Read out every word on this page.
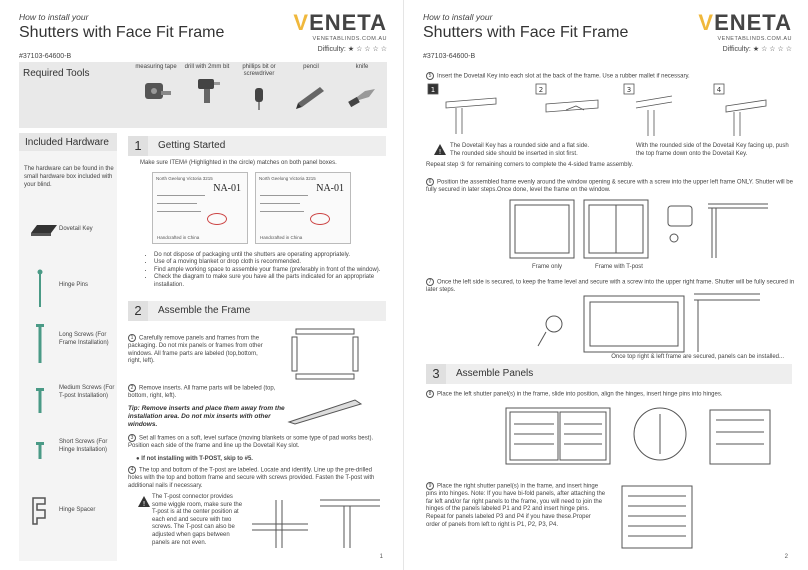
How to install your
Shutters with Face Fit Frame
#37103-64600-B
VENETA
VENETABLINDS.COM.AU
Difficulty: ★ ☆ ☆ ☆ ☆
Required Tools
measuring tape	drill with 2mm bit	phillips bit or screwdriver
pencil	knife
Included Hardware
The hardware can be found in the small hardware box included with your blind.
Dovetail Key
Hinge Pins
Long Screws (For Frame Installation)
Medium Screws (For T-post Installation)
Short Screws (For Hinge Installation)
Hinge Spacer
1	Getting Started
Make sure ITEM# (Highlighted in the circle) matches on both panel boxes.
North Geelong Victoria 3215
NA-01
Handcrafted in China
North Geelong Victoria 3215
NA-01
Handcrafted in China
• Do not dispose of packaging until the shutters are operating appropriately.
• Use of a moving blanket or drop cloth is recommended.
• Find ample working space to assemble your frame (preferably in front of the window).
• Check the diagram to make sure you have all the parts indicated for an appropriate installation.
2	Assemble the Frame
1 Carefully remove panels and frames from the packaging. Do not mix panels or frames from other windows. All frame parts are labeled (top,bottom, right, left).
2 Remove inserts. All frame parts will be labeled (top, bottom, right, left).
Tip: Remove inserts and place them away from the installation area. Do not mix inserts with other windows.
3 Set all frames on a soft, level surface (moving blankets or some type of pad works best). Position each side of the frame and line up the Dovetail Key slot.
● If not installing with T-POST, skip to #5.
4 The top and bottom of the T-post are labeled. Locate and identify. Line up the pre-drilled holes with the top and bottom frame and secure with screws provided. Fasten the T-post with additional nails if necessary.
!
The T-post connector provides some wiggle room, make sure the T-post is at the center position at each end and secure with two screws. The T-post can also be adjusted when gaps between panels are not even.
1
How to install your
Shutters with Face Fit Frame
#37103-64600-B
VENETA
VENETABLINDS.COM.AU
Difficulty: ★ ☆ ☆ ☆ ☆
5 Insert the Dovetail Key into each slot at the back of the frame. Use a rubber mallet if necessary.
1	2	3	4
!
The Dovetail Key has a rounded side and a flat side. The rounded side should be inserted in slot first.
With the rounded side of the Dovetail Key facing up, push the top frame down onto the Dovetail Key.
Repeat step ⑤ for remaining corners to complete the 4-sided frame assembly.
6 Position the assembled frame evenly around the window opening & secure with a screw into the upper left frame ONLY. Shutter will be fully secured in later steps.Once done, level the frame on the window.
Frame only	Frame with T-post
7 Once the left side is secured, to keep the frame level and secure with a screw into the upper right frame. Shutter will be fully secured in later steps.
Once top right & left frame are secured, panels can be installed...
3	Assemble Panels
8 Place the left shutter panel(s) in the frame, slide into position, align the hinges, insert hinge pins into hinges.
9 Place the right shutter panel(s) in the frame, and insert hinge pins into hinges. Note: If you have bi-fold panels, after attaching the far left and/or far right panels to the frame, you will need to join the hinges of the panels labeled P1 and P2 and insert hinge pins. Repeat for panels labeled P3 and P4 if you have these.Proper order of panels from left to right is P1, P2, P3, P4.
2
